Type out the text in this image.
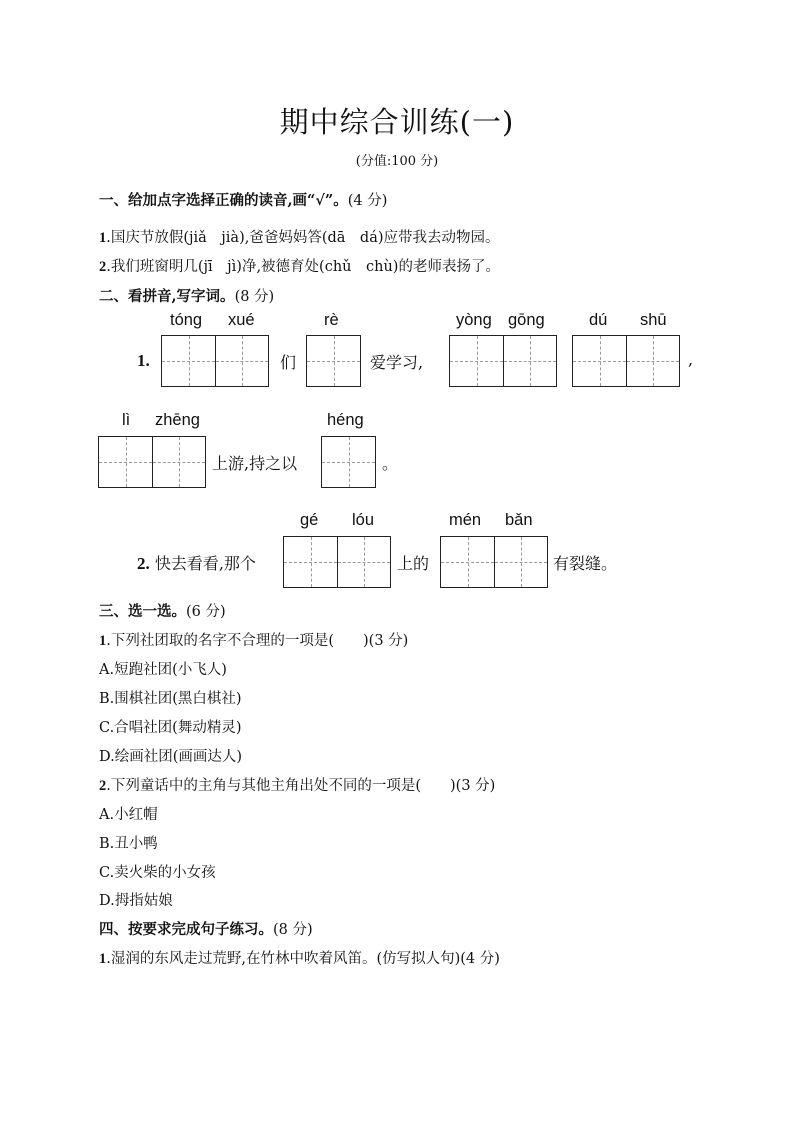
期中综合训练(一)
(分值:100 分)
一、给加点字选择正确的读音,画“√”。(4 分)
1.国庆节放假(jiǎ　jià),爸爸妈妈答(dā　dá)应带我去动物园。
2.我们班窗明几(jī　jì)净,被德育处(chǔ　chù)的老师表扬了。
二、看拼音,写字词。(8 分)
tóng xué	rè	yòng gōng	dú shū
1.	们	爱学习,	,
lì zhēng	héng
上游,持之以	。
gé lóu	mén bǎn
2. 快去看看,那个	上的	有裂缝。
三、选一选。(6 分)
1.下列社团取的名字不合理的一项是(　　)(3 分)
A.短跑社团(小飞人)
B.围棋社团(黑白棋社)
C.合唱社团(舞动精灵)
D.绘画社团(画画达人)
2.下列童话中的主角与其他主角出处不同的一项是(　　)(3 分)
A.小红帽
B.丑小鸭
C.卖火柴的小女孩
D.拇指姑娘
四、按要求完成句子练习。(8 分)
1.湿润的东风走过荒野,在竹林中吹着风笛。(仿写拟人句)(4 分)
